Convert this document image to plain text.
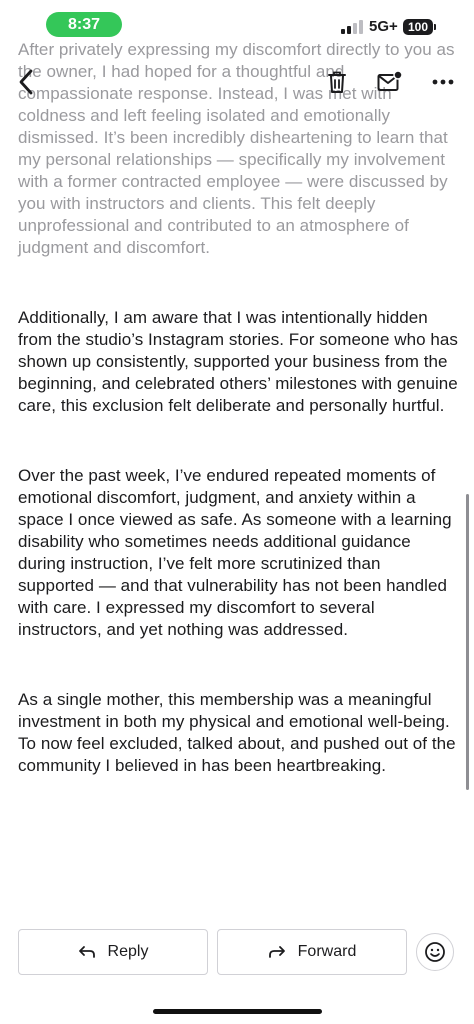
After privately expressing my discomfort directly to you as the owner, I had hoped for a thoughtful and compassionate response. Instead, I was met with coldness and left feeling isolated and emotionally dismissed. It’s been incredibly disheartening to learn that my personal relationships — specifically my involvement with a former contracted employee — were discussed by you with instructors and clients. This felt deeply unprofessional and contributed to an atmosphere of judgment and discomfort.

Additionally, I am aware that I was intentionally hidden from the studio’s Instagram stories. For someone who has shown up consistently, supported your business from the beginning, and celebrated others’ milestones with genuine care, this exclusion felt deliberate and personally hurtful.

Over the past week, I’ve endured repeated moments of emotional discomfort, judgment, and anxiety within a space I once viewed as safe. As someone with a learning disability who sometimes needs additional guidance during instruction, I’ve felt more scrutinized than supported — and that vulnerability has not been handled with care. I expressed my discomfort to several instructors, and yet nothing was addressed.

As a single mother, this membership was a meaningful investment in both my physical and emotional well-being. To now feel excluded, talked about, and pushed out of the community I believed in has been heartbreaking.

8:37	5G+ 100
Reply	Forward
